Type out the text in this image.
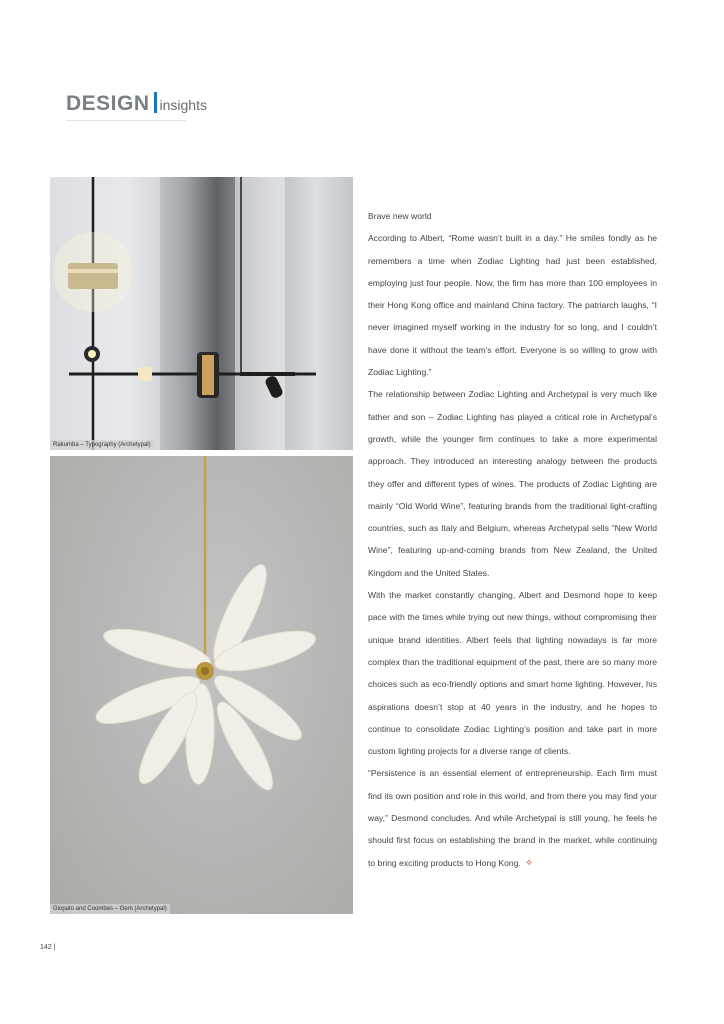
DESIGN insights
Rakumba – Typography (Archetypal)
Giopato and Coombes – Gem (Archetypal)

Brave new world

According to Albert, “Rome wasn’t built in a day.” He smiles fondly as he remembers a time when Zodiac Lighting had just been established, employing just four people. Now, the firm has more than 100 employees in their Hong Kong office and mainland China factory. The patriarch laughs, “I never imagined myself working in the industry for so long, and I couldn’t have done it without the team’s effort. Everyone is so willing to grow with Zodiac Lighting.”

The relationship between Zodiac Lighting and Archetypal is very much like father and son – Zodiac Lighting has played a critical role in Archetypal’s growth, while the younger firm continues to take a more experimental approach. They introduced an interesting analogy between the products they offer and different types of wines. The products of Zodiac Lighting are mainly “Old World Wine”, featuring brands from the traditional light-crafting countries, such as Italy and Belgium, whereas Archetypal sells “New World Wine”, featuring up-and-coming brands from New Zealand, the United Kingdom and the United States.

With the market constantly changing, Albert and Desmond hope to keep pace with the times while trying out new things, without compromising their unique brand identities. Albert feels that lighting nowadays is far more complex than the traditional equipment of the past, there are so many more choices such as eco-friendly options and smart home lighting. However, his aspirations doesn’t stop at 40 years in the industry, and he hopes to continue to consolidate Zodiac Lighting’s position and take part in more custom lighting projects for a diverse range of clients.

“Persistence is an essential element of entrepreneurship. Each firm must find its own position and role in this world, and from there you may find your way,” Desmond concludes. And while Archetypal is still young, he feels he should first focus on establishing the brand in the market, while continuing to bring exciting products to Hong Kong. ✧

142 |
